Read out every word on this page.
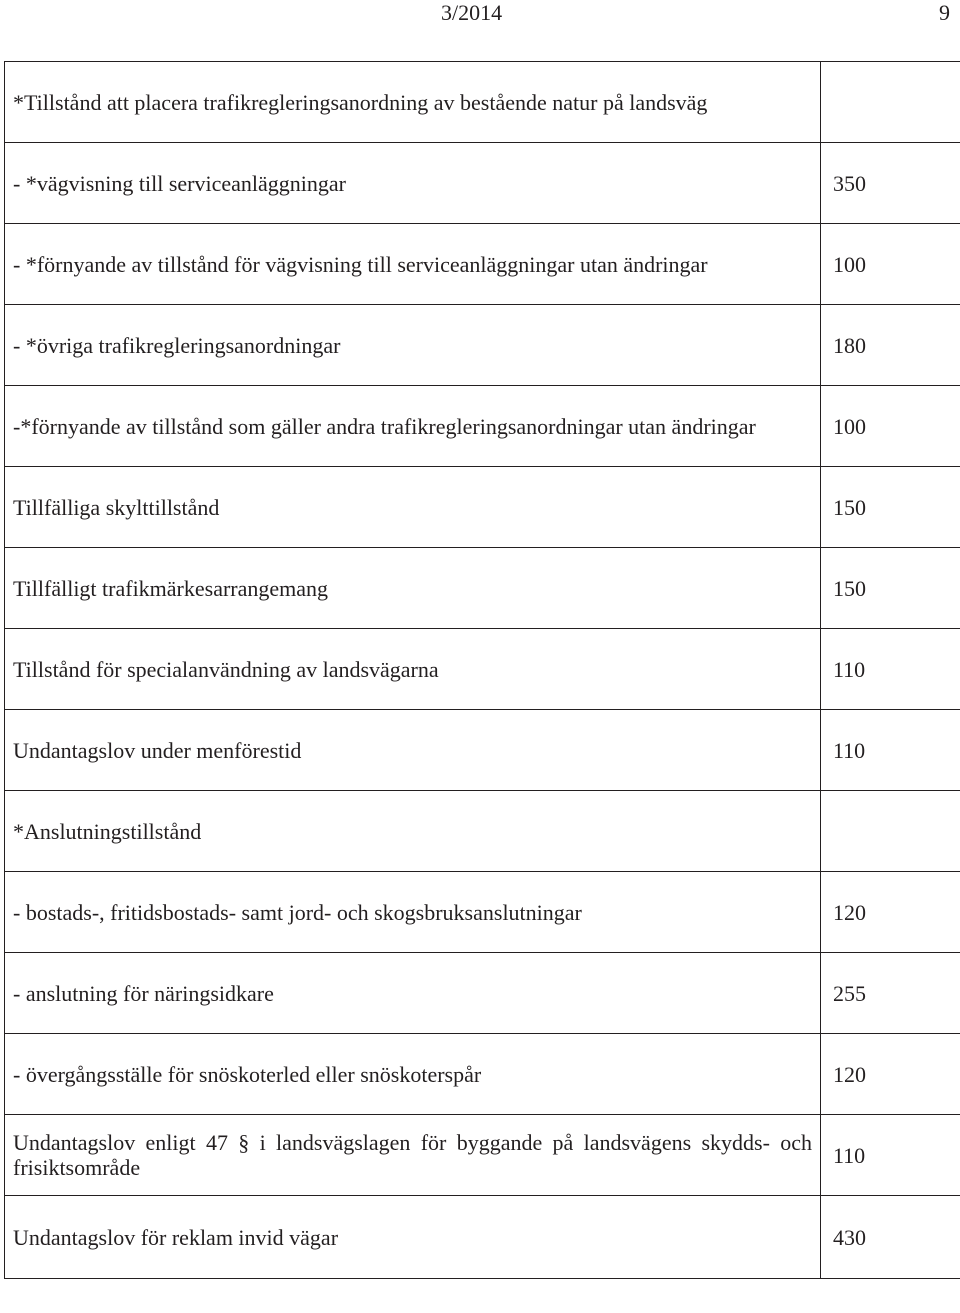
3/2014	9
*Tillstånd att placera trafikregleringsanordning av bestående natur på landsväg	
- *vägvisning till serviceanläggningar	350
- *förnyande av tillstånd för vägvisning till serviceanläggningar utan ändringar	100
- *övriga trafikregleringsanordningar	180
-*förnyande av tillstånd som gäller andra trafikregleringsanordningar utan ändringar	100
Tillfälliga skylttillstånd	150
Tillfälligt trafikmärkesarrangemang	150
Tillstånd för specialanvändning av landsvägarna	110
Undantagslov under menförestid	110
*Anslutningstillstånd	
- bostads-, fritidsbostads- samt jord- och skogsbruksanslutningar	120
- anslutning för näringsidkare	255
- övergångsställe för snöskoterled eller snöskoterspår	120
Undantagslov enligt 47 § i landsvägslagen för byggande på landsvägens skydds- och frisiktsområde	110
Undantagslov för reklam invid vägar	430
